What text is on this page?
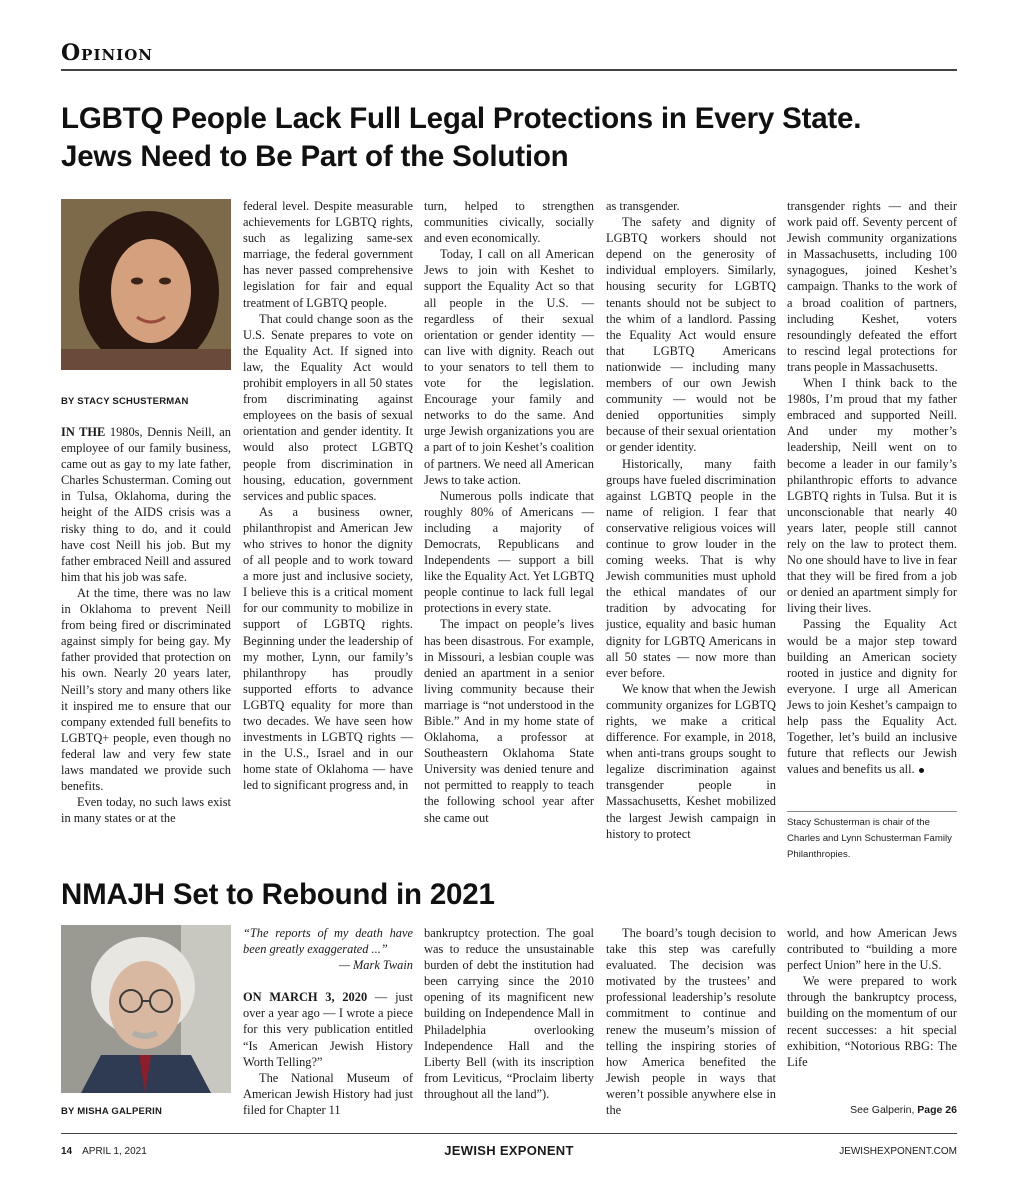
Opinion
LGBTQ People Lack Full Legal Protections in Every State.
Jews Need to Be Part of the Solution
BY STACY SCHUSTERMAN

IN THE 1980s, Dennis Neill, an employee of our family business, came out as gay to my late father, Charles Schusterman. Coming out in Tulsa, Oklahoma, during the height of the AIDS crisis was a risky thing to do, and it could have cost Neill his job. But my father embraced Neill and assured him that his job was safe.

At the time, there was no law in Oklahoma to prevent Neill from being fired or discriminated against simply for being gay. My father provided that protection on his own. Nearly 20 years later, Neill’s story and many others like it inspired me to ensure that our company extended full benefits to LGBTQ+ people, even though no federal law and very few state laws mandated we provide such benefits.

Even today, no such laws exist in many states or at the

federal level. Despite measurable achievements for LGBTQ rights, such as legalizing same-sex marriage, the federal government has never passed comprehensive legislation for fair and equal treatment of LGBTQ people.

That could change soon as the U.S. Senate prepares to vote on the Equality Act. If signed into law, the Equality Act would prohibit employers in all 50 states from discriminating against employees on the basis of sexual orientation and gender identity. It would also protect LGBTQ people from discrimination in housing, education, government services and public spaces.

As a business owner, philanthropist and American Jew who strives to honor the dignity of all people and to work toward a more just and inclusive society, I believe this is a critical moment for our community to mobilize in support of LGBTQ rights. Beginning under the leadership of my mother, Lynn, our family’s philanthropy has proudly supported efforts to advance LGBTQ equality for more than two decades. We have seen how investments in LGBTQ rights — in the U.S., Israel and in our home state of Oklahoma — have led to significant progress and, in

turn, helped to strengthen communities civically, socially and even economically.

Today, I call on all American Jews to join with Keshet to support the Equality Act so that all people in the U.S. — regardless of their sexual orientation or gender identity — can live with dignity. Reach out to your senators to tell them to vote for the legislation. Encourage your family and networks to do the same. And urge Jewish organizations you are a part of to join Keshet’s coalition of partners. We need all American Jews to take action.

Numerous polls indicate that roughly 80% of Americans — including a majority of Democrats, Republicans and Independents — support a bill like the Equality Act. Yet LGBTQ people continue to lack full legal protections in every state.

The impact on people’s lives has been disastrous. For example, in Missouri, a lesbian couple was denied an apartment in a senior living community because their marriage is “not understood in the Bible.” And in my home state of Oklahoma, a professor at Southeastern Oklahoma State University was denied tenure and not permitted to reapply to teach the following school year after she came out

as transgender.

The safety and dignity of LGBTQ workers should not depend on the generosity of individual employers. Similarly, housing security for LGBTQ tenants should not be subject to the whim of a landlord. Passing the Equality Act would ensure that LGBTQ Americans nationwide — including many members of our own Jewish community — would not be denied opportunities simply because of their sexual orientation or gender identity.

Historically, many faith groups have fueled discrimination against LGBTQ people in the name of religion. I fear that conservative religious voices will continue to grow louder in the coming weeks. That is why Jewish communities must uphold the ethical mandates of our tradition by advocating for justice, equality and basic human dignity for LGBTQ Americans in all 50 states — now more than ever before.

We know that when the Jewish community organizes for LGBTQ rights, we make a critical difference. For example, in 2018, when anti-trans groups sought to legalize discrimination against transgender people in Massachusetts, Keshet mobilized the largest Jewish campaign in history to protect

transgender rights — and their work paid off. Seventy percent of Jewish community organizations in Massachusetts, including 100 synagogues, joined Keshet’s campaign. Thanks to the work of a broad coalition of partners, including Keshet, voters resoundingly defeated the effort to rescind legal protections for trans people in Massachusetts.

When I think back to the 1980s, I’m proud that my father embraced and supported Neill. And under my mother’s leadership, Neill went on to become a leader in our family’s philanthropic efforts to advance LGBTQ rights in Tulsa. But it is unconscionable that nearly 40 years later, people still cannot rely on the law to protect them. No one should have to live in fear that they will be fired from a job or denied an apartment simply for living their lives.

Passing the Equality Act would be a major step toward building an American society rooted in justice and dignity for everyone. I urge all American Jews to join Keshet’s campaign to help pass the Equality Act. Together, let’s build an inclusive future that reflects our Jewish values and benefits us all.

Stacy Schusterman is chair of the Charles and Lynn Schusterman Family Philanthropies.
NMAJH Set to Rebound in 2021
BY MISHA GALPERIN

“The reports of my death have been greatly exaggerated ...”

— Mark Twain

ON MARCH 3, 2020 — just over a year ago — I wrote a piece for this very publication entitled “Is American Jewish History Worth Telling?”

The National Museum of American Jewish History had just filed for Chapter 11

bankruptcy protection. The goal was to reduce the unsustainable burden of debt the institution had been carrying since the 2010 opening of its magnificent new building on Independence Mall in Philadelphia overlooking Independence Hall and the Liberty Bell (with its inscription from Leviticus, “Proclaim liberty throughout all the land”).

The board’s tough decision to take this step was carefully evaluated. The decision was motivated by the trustees’ and professional leadership’s resolute commitment to continue and renew the museum’s mission of telling the inspiring stories of how America benefited the Jewish people in ways that weren’t possible anywhere else in the

world, and how American Jews contributed to “building a more perfect Union” here in the U.S.

We were prepared to work through the bankruptcy process, building on the momentum of our recent successes: a hit special exhibition, “Notorious RBG: The Life

See Galperin, Page 26
14 APRIL 1, 2021	JEWISH EXPONENT	JEWISHEXPONENT.COM
